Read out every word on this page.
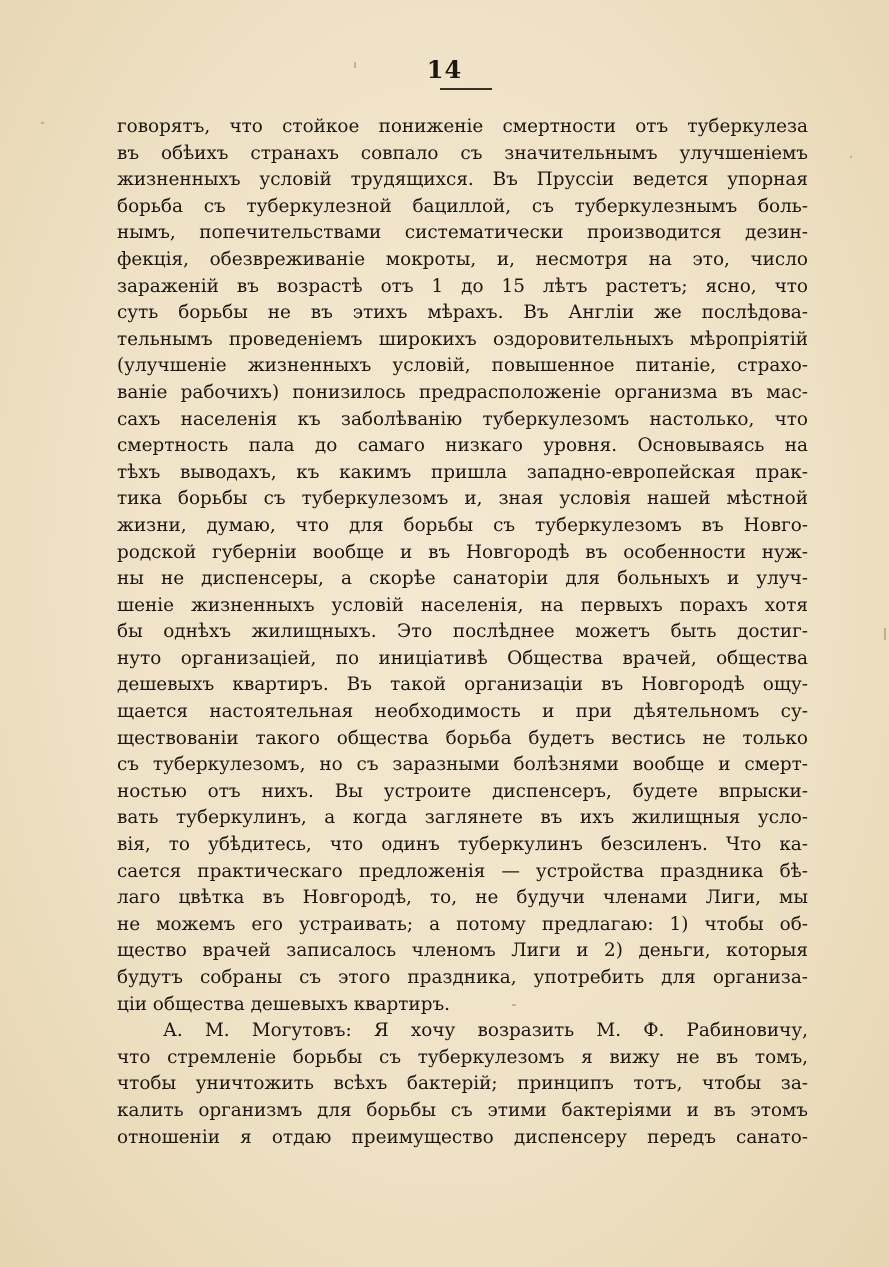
14
говорятъ, что стойкое пониженіе смертности отъ туберкулеза
въ обѣихъ странахъ совпало съ значительнымъ улучшеніемъ
жизненныхъ условій трудящихся. Въ Пруссіи ведется упорная
борьба съ туберкулезной бациллой, съ туберкулезнымъ боль-
нымъ, попечительствами систематически производится дезин-
фекція, обезвреживаніе мокроты, и, несмотря на это, число
зараженій въ возрастѣ отъ 1 до 15 лѣтъ растетъ; ясно, что
суть борьбы не въ этихъ мѣрахъ. Въ Англіи же послѣдова-
тельнымъ проведеніемъ широкихъ оздоровительныхъ мѣропріятій
(улучшеніе жизненныхъ условій, повышенное питаніе, страхо-
ваніе рабочихъ) понизилось предрасположеніе организма въ мас-
сахъ населенія къ заболѣванію туберкулезомъ настолько, что
смертность пала до самаго низкаго уровня. Основываясь на
тѣхъ выводахъ, къ какимъ пришла западно-европейская прак-
тика борьбы съ туберкулезомъ и, зная условія нашей мѣстной
жизни, думаю, что для борьбы съ туберкулезомъ въ Новго-
родской губерніи вообще и въ Новгородѣ въ особенности нуж-
ны не диспенсеры, а скорѣе санаторіи для больныхъ и улуч-
шеніе жизненныхъ условій населенія, на первыхъ порахъ хотя
бы однѣхъ жилищныхъ. Это послѣднее можетъ быть достиг-
нуто организаціей, по иниціативѣ Общества врачей, общества
дешевыхъ квартиръ. Въ такой организаціи въ Новгородѣ ощу-
щается настоятельная необходимость и при дѣятельномъ су-
ществованіи такого общества борьба будетъ вестись не только
съ туберкулезомъ, но съ заразными болѣзнями вообще и смерт-
ностью отъ нихъ. Вы устроите диспенсеръ, будете впрыски-
вать туберкулинъ, а когда заглянете въ ихъ жилищныя усло-
вія, то убѣдитесь, что одинъ туберкулинъ безсиленъ. Что ка-
сается практическаго предложенія — устройства праздника бѣ-
лаго цвѣтка въ Новгородѣ, то, не будучи членами Лиги, мы
не можемъ его устраивать; а потому предлагаю: 1) чтобы об-
щество врачей записалось членомъ Лиги и 2) деньги, которыя
будутъ собраны съ этого праздника, употребить для организа-
ціи общества дешевыхъ квартиръ.
А. М. Могутовъ: Я хочу возразить М. Ф. Рабиновичу,
что стремленіе борьбы съ туберкулезомъ я вижу не въ томъ,
чтобы уничтожить всѣхъ бактерій; принципъ тотъ, чтобы за-
калить организмъ для борьбы съ этими бактеріями и въ этомъ
отношеніи я отдаю преимущество диспенсеру передъ санато-
